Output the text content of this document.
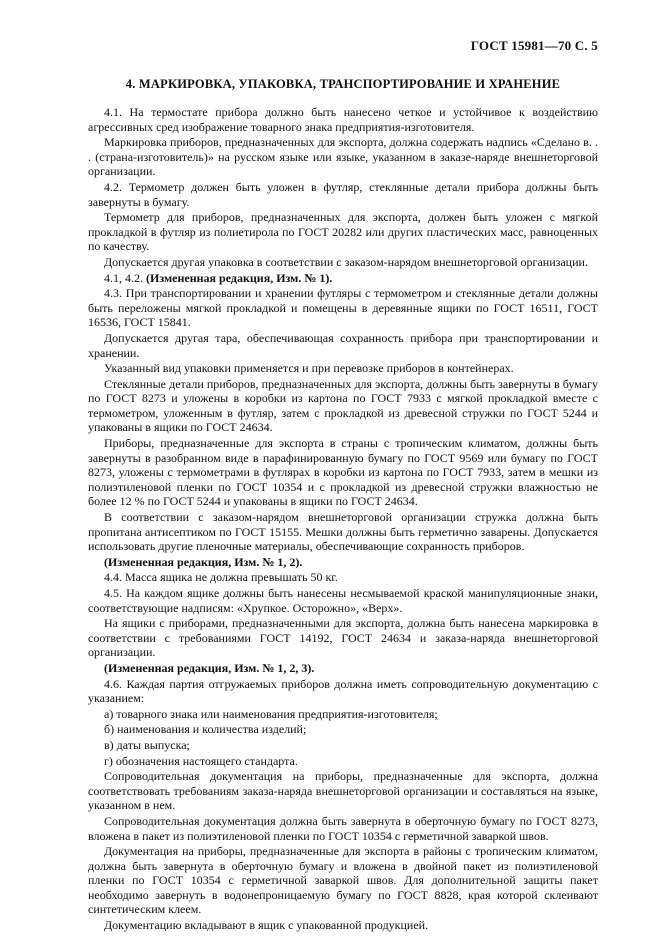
ГОСТ 15981—70 С. 5
4. МАРКИРОВКА, УПАКОВКА, ТРАНСПОРТИРОВАНИЕ И ХРАНЕНИЕ

4.1. На термостате прибора должно быть нанесено четкое и устойчивое к воздействию агрессивных сред изображение товарного знака предприятия-изготовителя.

Маркировка приборов, предназначенных для экспорта, должна содержать надпись «Сделано в. . . (страна-изготовитель)» на русском языке или языке, указанном в заказе-наряде внешнеторговой организации.

4.2. Термометр должен быть уложен в футляр, стеклянные детали прибора должны быть завернуты в бумагу.

Термометр для приборов, предназначенных для экспорта, должен быть уложен с мягкой прокладкой в футляр из полиетирола по ГОСТ 20282 или других пластических масс, равноценных по качеству.

Допускается другая упаковка в соответствии с заказом-нарядом внешнеторговой организации.

4.1, 4.2. (Измененная редакция, Изм. № 1).

4.3. При транспортировании и хранении футляры с термометром и стеклянные детали должны быть переложены мягкой прокладкой и помещены в деревянные ящики по ГОСТ 16511, ГОСТ 16536, ГОСТ 15841.

Допускается другая тара, обеспечивающая сохранность прибора при транспортировании и хранении.

Указанный вид упаковки применяется и при перевозке приборов в контейнерах.

Стеклянные детали приборов, предназначенных для экспорта, должны быть завернуты в бумагу по ГОСТ 8273 и уложены в коробки из картона по ГОСТ 7933 с мягкой прокладкой вместе с термометром, уложенным в футляр, затем с прокладкой из древесной стружки по ГОСТ 5244 и упакованы в ящики по ГОСТ 24634.

Приборы, предназначенные для экспорта в страны с тропическим климатом, должны быть завернуты в разобранном виде в парафинированную бумагу по ГОСТ 9569 или бумагу по ГОСТ 8273, уложены с термометрами в футлярах в коробки из картона по ГОСТ 7933, затем в мешки из полиэтиленовой пленки по ГОСТ 10354 и с прокладкой из древесной стружки влажностью не более 12 % по ГОСТ 5244 и упакованы в ящики по ГОСТ 24634.

В соответствии с заказом-нарядом внешнеторговой организации стружка должна быть пропитана антисептиком по ГОСТ 15155. Мешки должны быть герметично заварены. Допускается использовать другие пленочные материалы, обеспечивающие сохранность приборов.

(Измененная редакция, Изм. № 1, 2).

4.4. Масса ящика не должна превышать 50 кг.

4.5. На каждом ящике должны быть нанесены несмываемой краской манипуляционные знаки, соответствующие надписям: «Хрупкое. Осторожно», «Верх».

На ящики с приборами, предназначенными для экспорта, должна быть нанесена маркировка в соответствии с требованиями ГОСТ 14192, ГОСТ 24634 и заказа-наряда внешнеторговой организации.

(Измененная редакция, Изм. № 1, 2, 3).

4.6. Каждая партия отгружаемых приборов должна иметь сопроводительную документацию с указанием:

а) товарного знака или наименования предприятия-изготовителя;

б) наименования и количества изделий;

в) даты выпуска;

г) обозначения настоящего стандарта.

Сопроводительная документация на приборы, предназначенные для экспорта, должна соответствовать требованиям заказа-наряда внешнеторговой организации и составляться на языке, указанном в нем.

Сопроводительная документация должна быть завернута в оберточную бумагу по ГОСТ 8273, вложена в пакет из полиэтиленовой пленки по ГОСТ 10354 с герметичной заваркой швов.

Документация на приборы, предназначенные для экспорта в районы с тропическим климатом, должна быть завернута в оберточную бумагу и вложена в двойной пакет из полиэтиленовой пленки по ГОСТ 10354 с герметичной заваркой швов. Для дополнительной защиты пакет необходимо завернуть в водонепроницаемую бумагу по ГОСТ 8828, края которой склеивают синтетическим клеем.

Документацию вкладывают в ящик с упакованной продукцией.
